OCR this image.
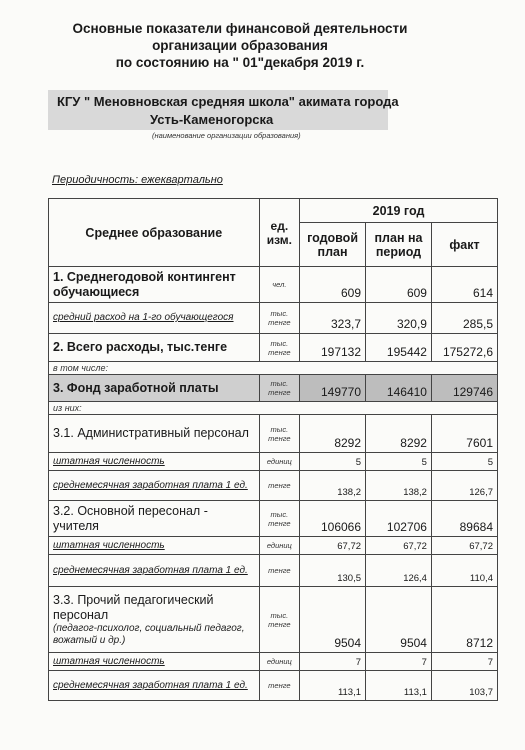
Основные показатели финансовой деятельности
организации образования
по состоянию на " 01"декабря 2019 г.
КГУ " Меновновская средняя школа" акимата города
Усть-Каменогорска
(наименование организации образования)
Периодичность: ежеквартально
Среднее образование	ед. изм.	2019 год		
		годовой план	план на период	факт
1. Среднегодовой контингент обучающиеся	чел.	609	609	614
средний расход на 1-го обучающегося	тыс. тенге	323,7	320,9	285,5
2. Всего расходы, тыс.тенге	тыс. тенге	197132	195442	175272,6
в том числе:				
3. Фонд заработной платы	тыс. тенге	149770	146410	129746
из них:				
3.1. Административный персонал	тыс. тенге	8292	8292	7601
штатная численность	единиц	5	5	5
среднемесячная заработная плата 1 ед.	тенге	138,2	138,2	126,7
3.2. Основной пересонал - учителя	тыс. тенге	106066	102706	89684
штатная численность	единиц	67,72	67,72	67,72
среднемесячная заработная плата 1 ед.	тенге	130,5	126,4	110,4

3.3. Прочий педагогический персонал
(педагог-психолог, социальный педагог, вожатый и др.)	тыс. тенге	9504	9504	8712
штатная численность	единиц	7	7	7
среднемесячная заработная плата 1 ед.	тенге	113,1	113,1	103,7
